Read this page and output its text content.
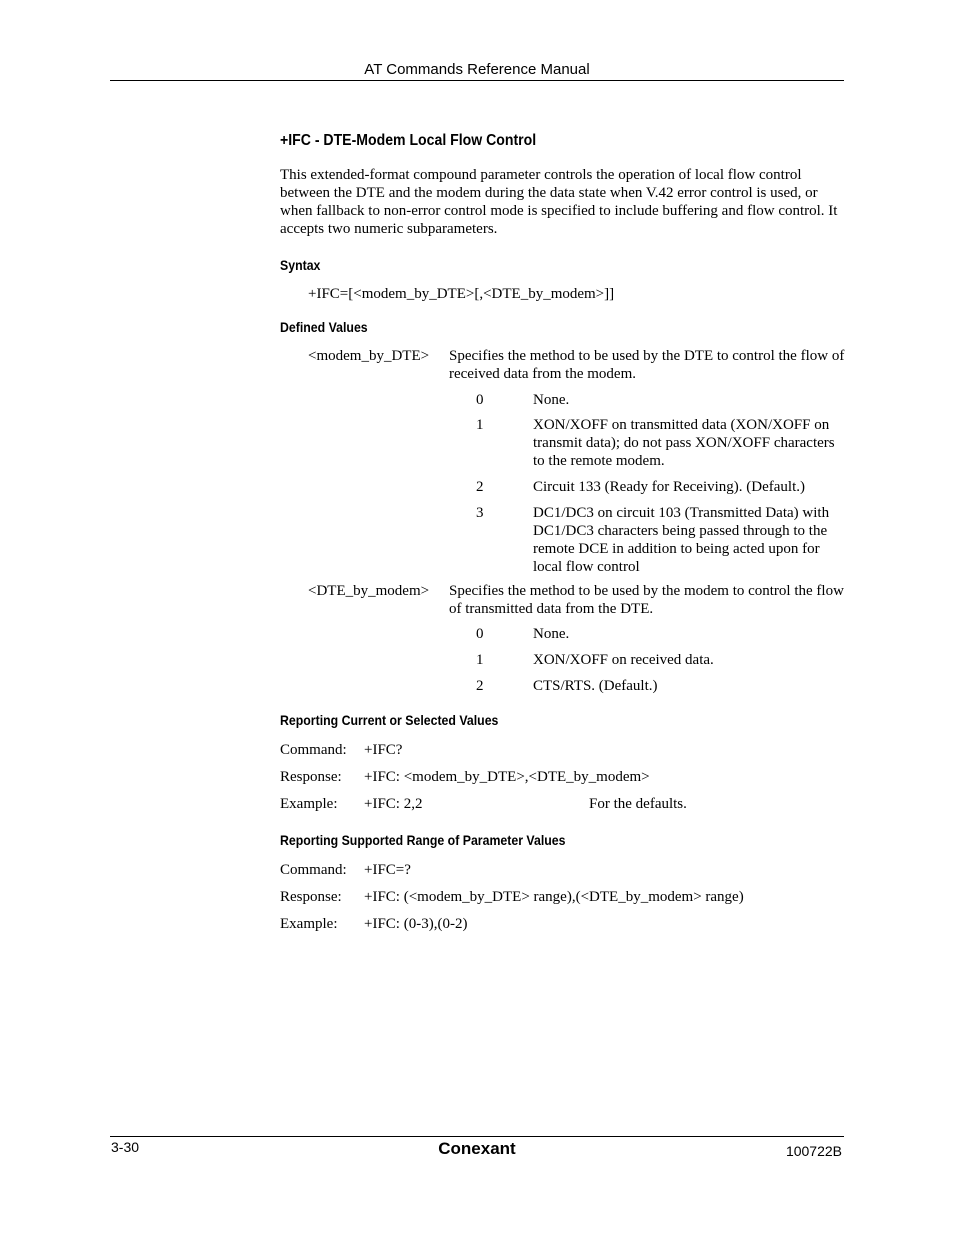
AT Commands Reference Manual
+IFC - DTE-Modem Local Flow Control
This extended-format compound parameter controls the operation of local flow control between the DTE and the modem during the data state when V.42 error control is used, or when fallback to non-error control mode is specified to include buffering and flow control. It accepts two numeric subparameters.
Syntax
+IFC=[<modem_by_DTE>[,<DTE_by_modem>]]
Defined Values
<modem_by_DTE> Specifies the method to be used by the DTE to control the flow of received data from the modem.
0	None.
1	XON/XOFF on transmitted data (XON/XOFF on transmit data); do not pass XON/XOFF characters to the remote modem.
2	Circuit 133 (Ready for Receiving). (Default.)
3	DC1/DC3 on circuit 103 (Transmitted Data) with DC1/DC3 characters being passed through to the remote DCE in addition to being acted upon for local flow control
<DTE_by_modem> Specifies the method to be used by the modem to control the flow of transmitted data from the DTE.
0	None.
1	XON/XOFF on received data.
2	CTS/RTS. (Default.)
Reporting Current or Selected Values
Command: +IFC?
Response: +IFC: <modem_by_DTE>,<DTE_by_modem>
Example: +IFC: 2,2	For the defaults.
Reporting Supported Range of Parameter Values
Command: +IFC=?
Response: +IFC: (<modem_by_DTE> range),(<DTE_by_modem> range)
Example: +IFC: (0-3),(0-2)
3-30	Conexant	100722B
